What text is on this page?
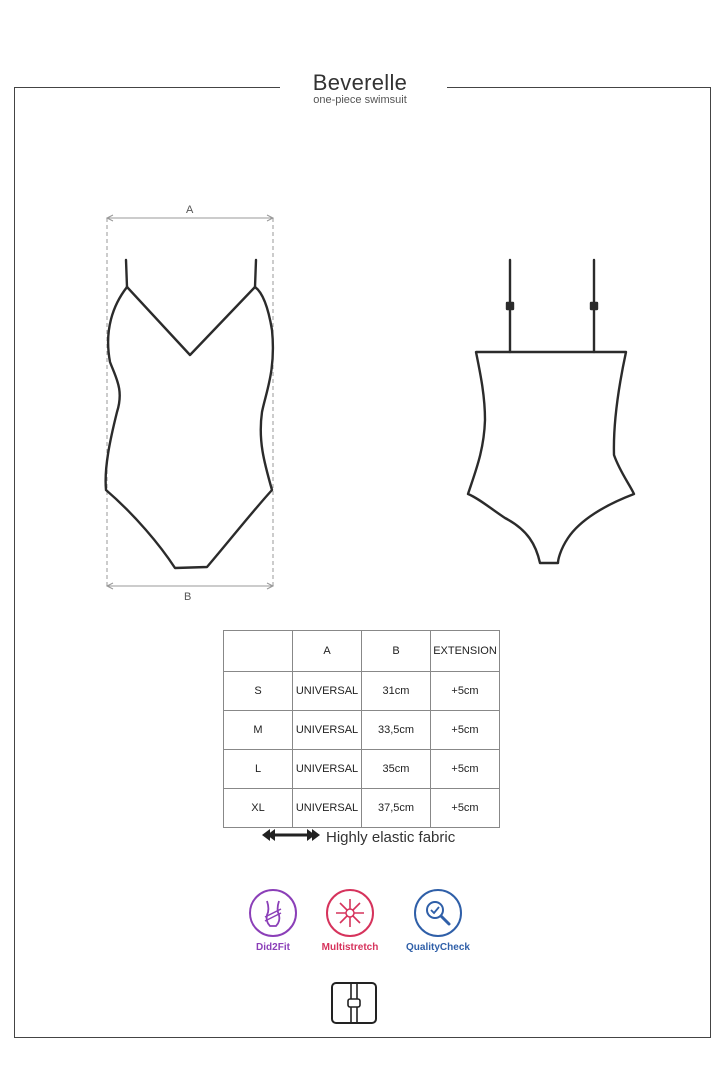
Beverelle
one-piece swimsuit
A
B
	A	B	EXTENSION
S	UNIVERSAL	31cm	+5cm
M	UNIVERSAL	33,5cm	+5cm
L	UNIVERSAL	35cm	+5cm
XL	UNIVERSAL	37,5cm	+5cm
Highly elastic fabric
Did2Fit	Multistretch	QualityCheck
